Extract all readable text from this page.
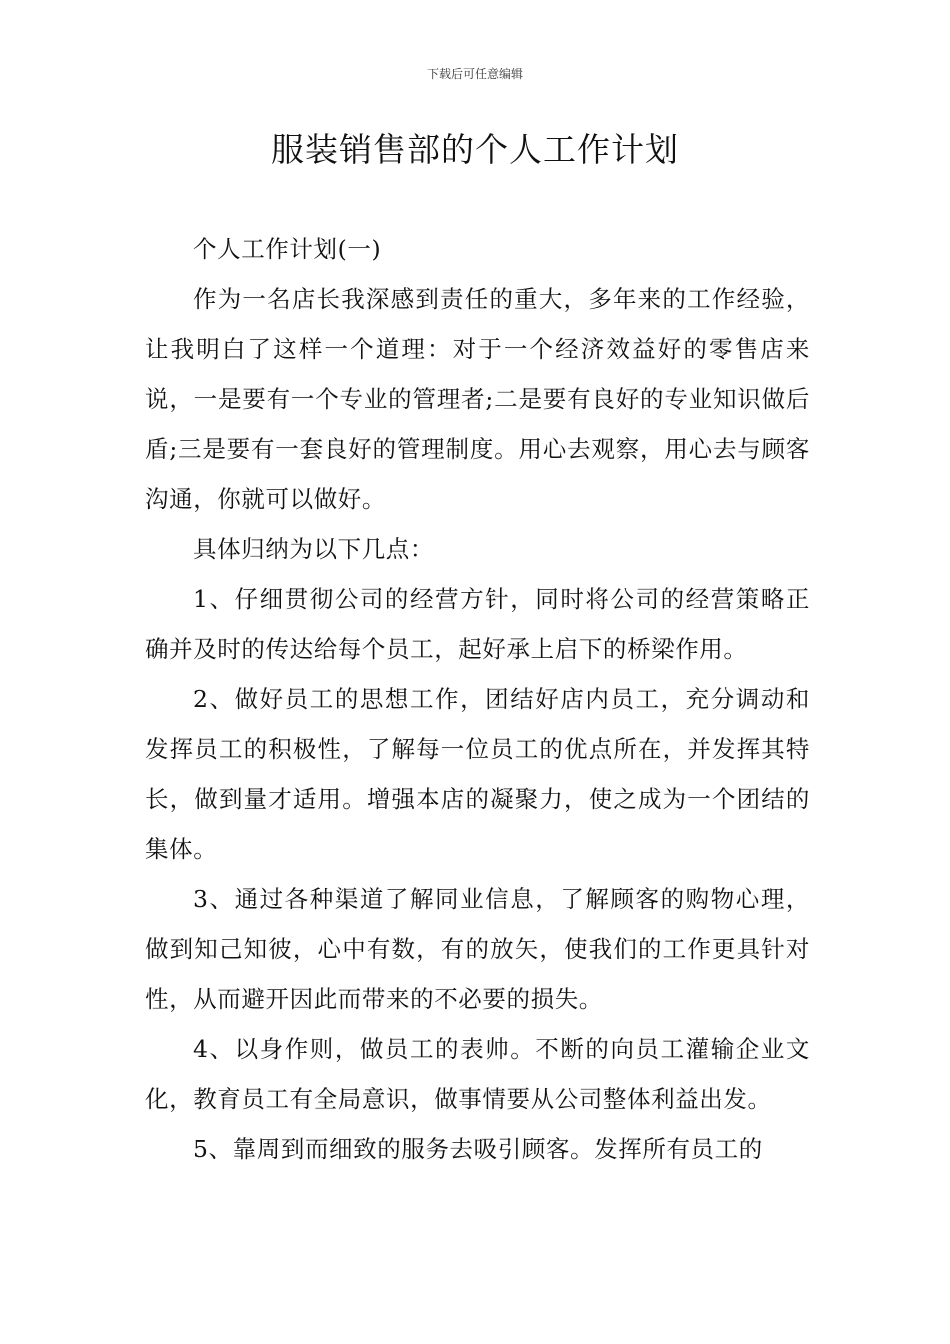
下载后可任意编辑
服装销售部的个人工作计划

个人工作计划(一)

作为一名店长我深感到责任的重大，多年来的工作经验，让我明白了这样一个道理：对于一个经济效益好的零售店来说，一是要有一个专业的管理者;二是要有良好的专业知识做后盾;三是要有一套良好的管理制度。用心去观察，用心去与顾客沟通，你就可以做好。

具体归纳为以下几点：

1、仔细贯彻公司的经营方针，同时将公司的经营策略正确并及时的传达给每个员工，起好承上启下的桥梁作用。

2、做好员工的思想工作，团结好店内员工，充分调动和发挥员工的积极性，了解每一位员工的优点所在，并发挥其特长，做到量才适用。增强本店的凝聚力，使之成为一个团结的集体。

3、通过各种渠道了解同业信息，了解顾客的购物心理，做到知己知彼，心中有数，有的放矢，使我们的工作更具针对性，从而避开因此而带来的不必要的损失。

4、以身作则，做员工的表帅。不断的向员工灌输企业文化，教育员工有全局意识，做事情要从公司整体利益出发。

5、靠周到而细致的服务去吸引顾客。发挥所有员工的
